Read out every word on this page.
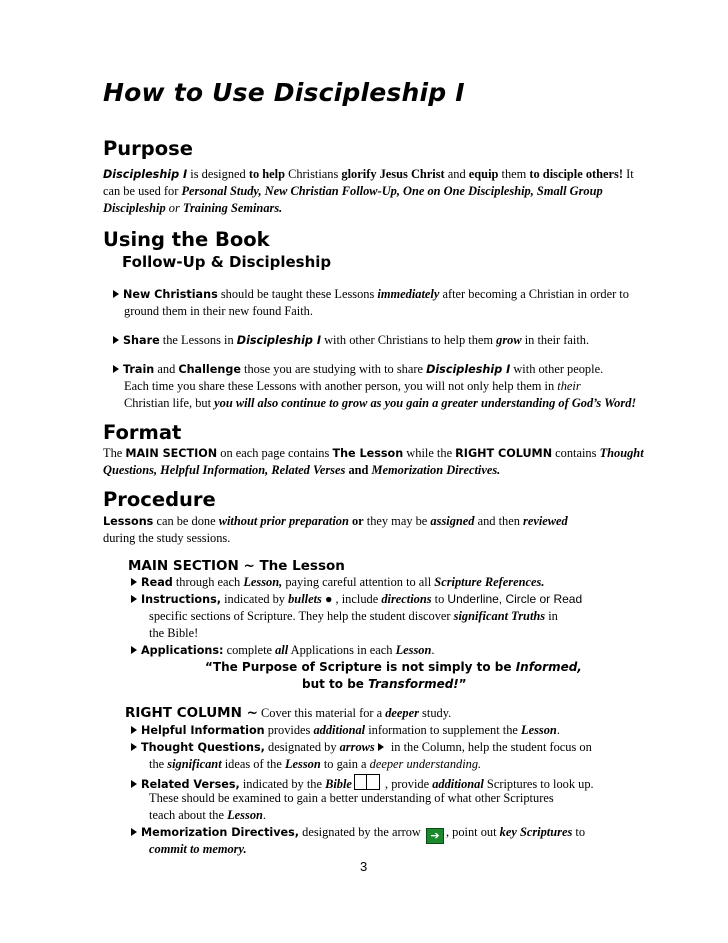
How to Use Discipleship I
Purpose
Discipleship I is designed to help Christians glorify Jesus Christ and equip them to disciple others! It
can be used for Personal Study, New Christian Follow-Up, One on One Discipleship, Small Group
Discipleship or Training Seminars.
Using the Book
Follow-Up & Discipleship
New Christians should be taught these Lessons immediately after becoming a Christian in order to
ground them in their new found Faith.
Share the Lessons in Discipleship I with other Christians to help them grow in their faith.
Train and Challenge those you are studying with to share Discipleship I with other people.
Each time you share these Lessons with another person, you will not only help them in their
Christian life, but you will also continue to grow as you gain a greater understanding of God’s Word!
Format
The MAIN SECTION on each page contains The Lesson while the RIGHT COLUMN contains Thought
Questions, Helpful Information, Related Verses and Memorization Directives.
Procedure
Lessons can be done without prior preparation or they may be assigned and then reviewed
during the study sessions.
MAIN SECTION ~ The Lesson
Read through each Lesson, paying careful attention to all Scripture References.
Instructions, indicated by bullets ● , include directions to Underline, Circle or Read
specific sections of Scripture. They help the student discover significant Truths in
the Bible!
Applications: complete all Applications in each Lesson.
“The Purpose of Scripture is not simply to be Informed,
but to be Transformed!”
RIGHT COLUMN ~ Cover this material for a deeper study.
Helpful Information provides additional information to supplement the Lesson.
Thought Questions, designated by arrows in the Column, help the student focus on
the significant ideas of the Lesson to gain a deeper understanding.
Related Verses, indicated by the Bible , provide additional Scriptures to look up.
These should be examined to gain a better understanding of what other Scriptures
teach about the Lesson.
Memorization Directives, designated by the arrow ➔ , point out key Scriptures to
commit to memory.
3
